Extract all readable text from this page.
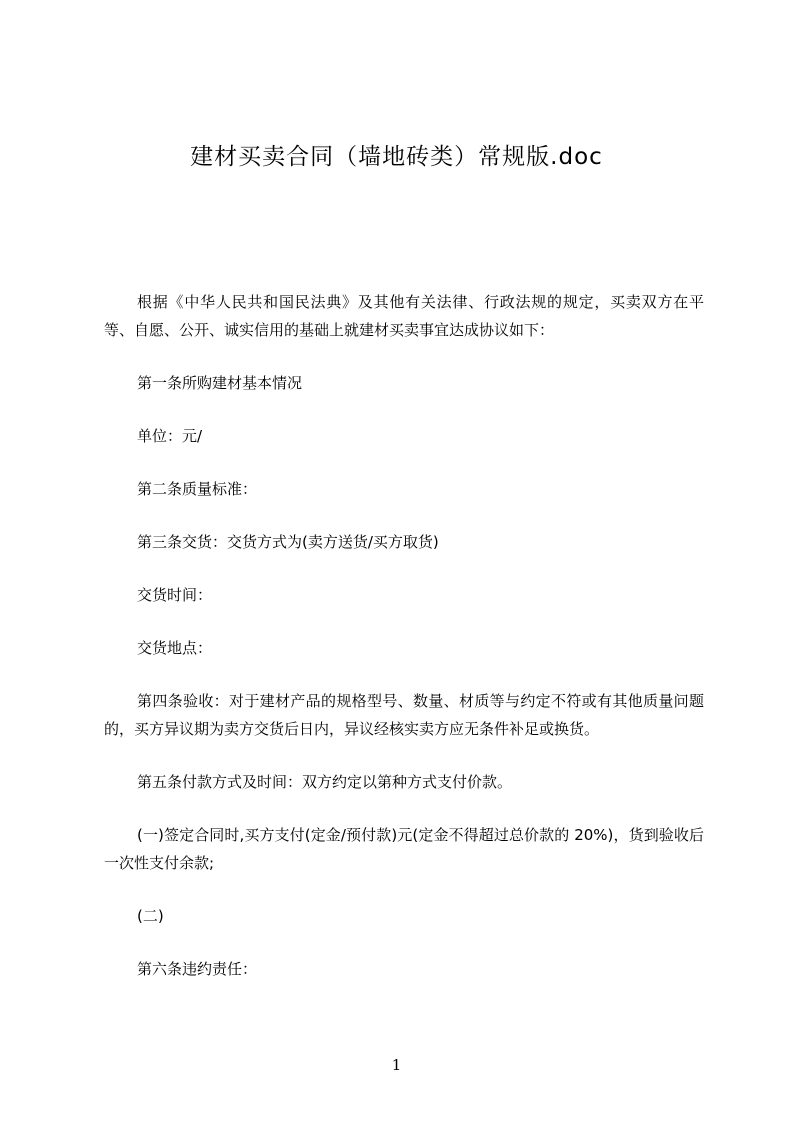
建材买卖合同（墙地砖类）常规版.doc

根据《中华人民共和国民法典》及其他有关法律、行政法规的规定，买卖双方在平等、自愿、公开、诚实信用的基础上就建材买卖事宜达成协议如下：

第一条所购建材基本情况

单位：元/

第二条质量标准：

第三条交货：交货方式为(卖方送货/买方取货)

交货时间：

交货地点：

第四条验收：对于建材产品的规格型号、数量、材质等与约定不符或有其他质量问题的，买方异议期为卖方交货后日内，异议经核实卖方应无条件补足或换货。

第五条付款方式及时间：双方约定以第种方式支付价款。

(一)签定合同时,买方支付(定金/预付款)元(定金不得超过总价款的 20%)，货到验收后一次性支付余款;

(二)

第六条违约责任：

1
